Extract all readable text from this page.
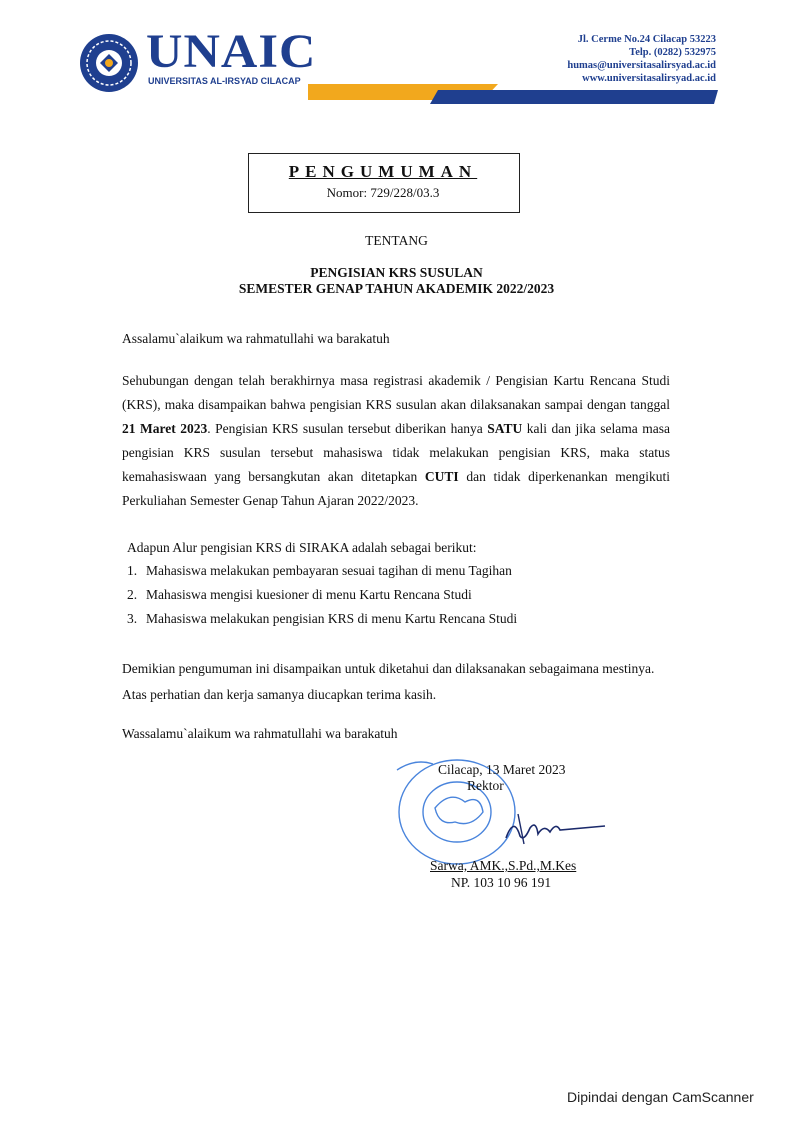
UNAIC
UNIVERSITAS AL-IRSYAD CILACAP
Jl. Cerme No.24 Cilacap 53223
Telp. (0282) 532975
humas@universitasalirsyad.ac.id
www.universitasalirsyad.ac.id
PENGUMUMAN
Nomor: 729/228/03.3
TENTANG
PENGISIAN KRS SUSULAN
SEMESTER GENAP TAHUN AKADEMIK 2022/2023
Assalamu`alaikum wa rahmatullahi wa barakatuh
Sehubungan dengan telah berakhirnya masa registrasi akademik / Pengisian Kartu Rencana Studi (KRS), maka disampaikan bahwa pengisian KRS susulan akan dilaksanakan sampai dengan tanggal 21 Maret 2023. Pengisian KRS susulan tersebut diberikan hanya SATU kali dan jika selama masa pengisian KRS susulan tersebut mahasiswa tidak melakukan pengisian KRS, maka status kemahasiswaan yang bersangkutan akan ditetapkan CUTI dan tidak diperkenankan mengikuti Perkuliahan Semester Genap Tahun Ajaran 2022/2023.
Adapun Alur pengisian KRS di SIRAKA adalah sebagai berikut:
1. Mahasiswa melakukan pembayaran sesuai tagihan di menu Tagihan
2. Mahasiswa mengisi kuesioner di menu Kartu Rencana Studi
3. Mahasiswa melakukan pengisian KRS di menu Kartu Rencana Studi
Demikian pengumuman ini disampaikan untuk diketahui dan dilaksanakan sebagaimana mestinya.
Atas perhatian dan kerja samanya diucapkan terima kasih.
Wassalamu`alaikum wa rahmatullahi wa barakatuh
Cilacap, 13 Maret 2023
Rektor
Sarwa, AMK.,S.Pd.,M.Kes
NP. 103 10 96 191
Dipindai dengan CamScanner
